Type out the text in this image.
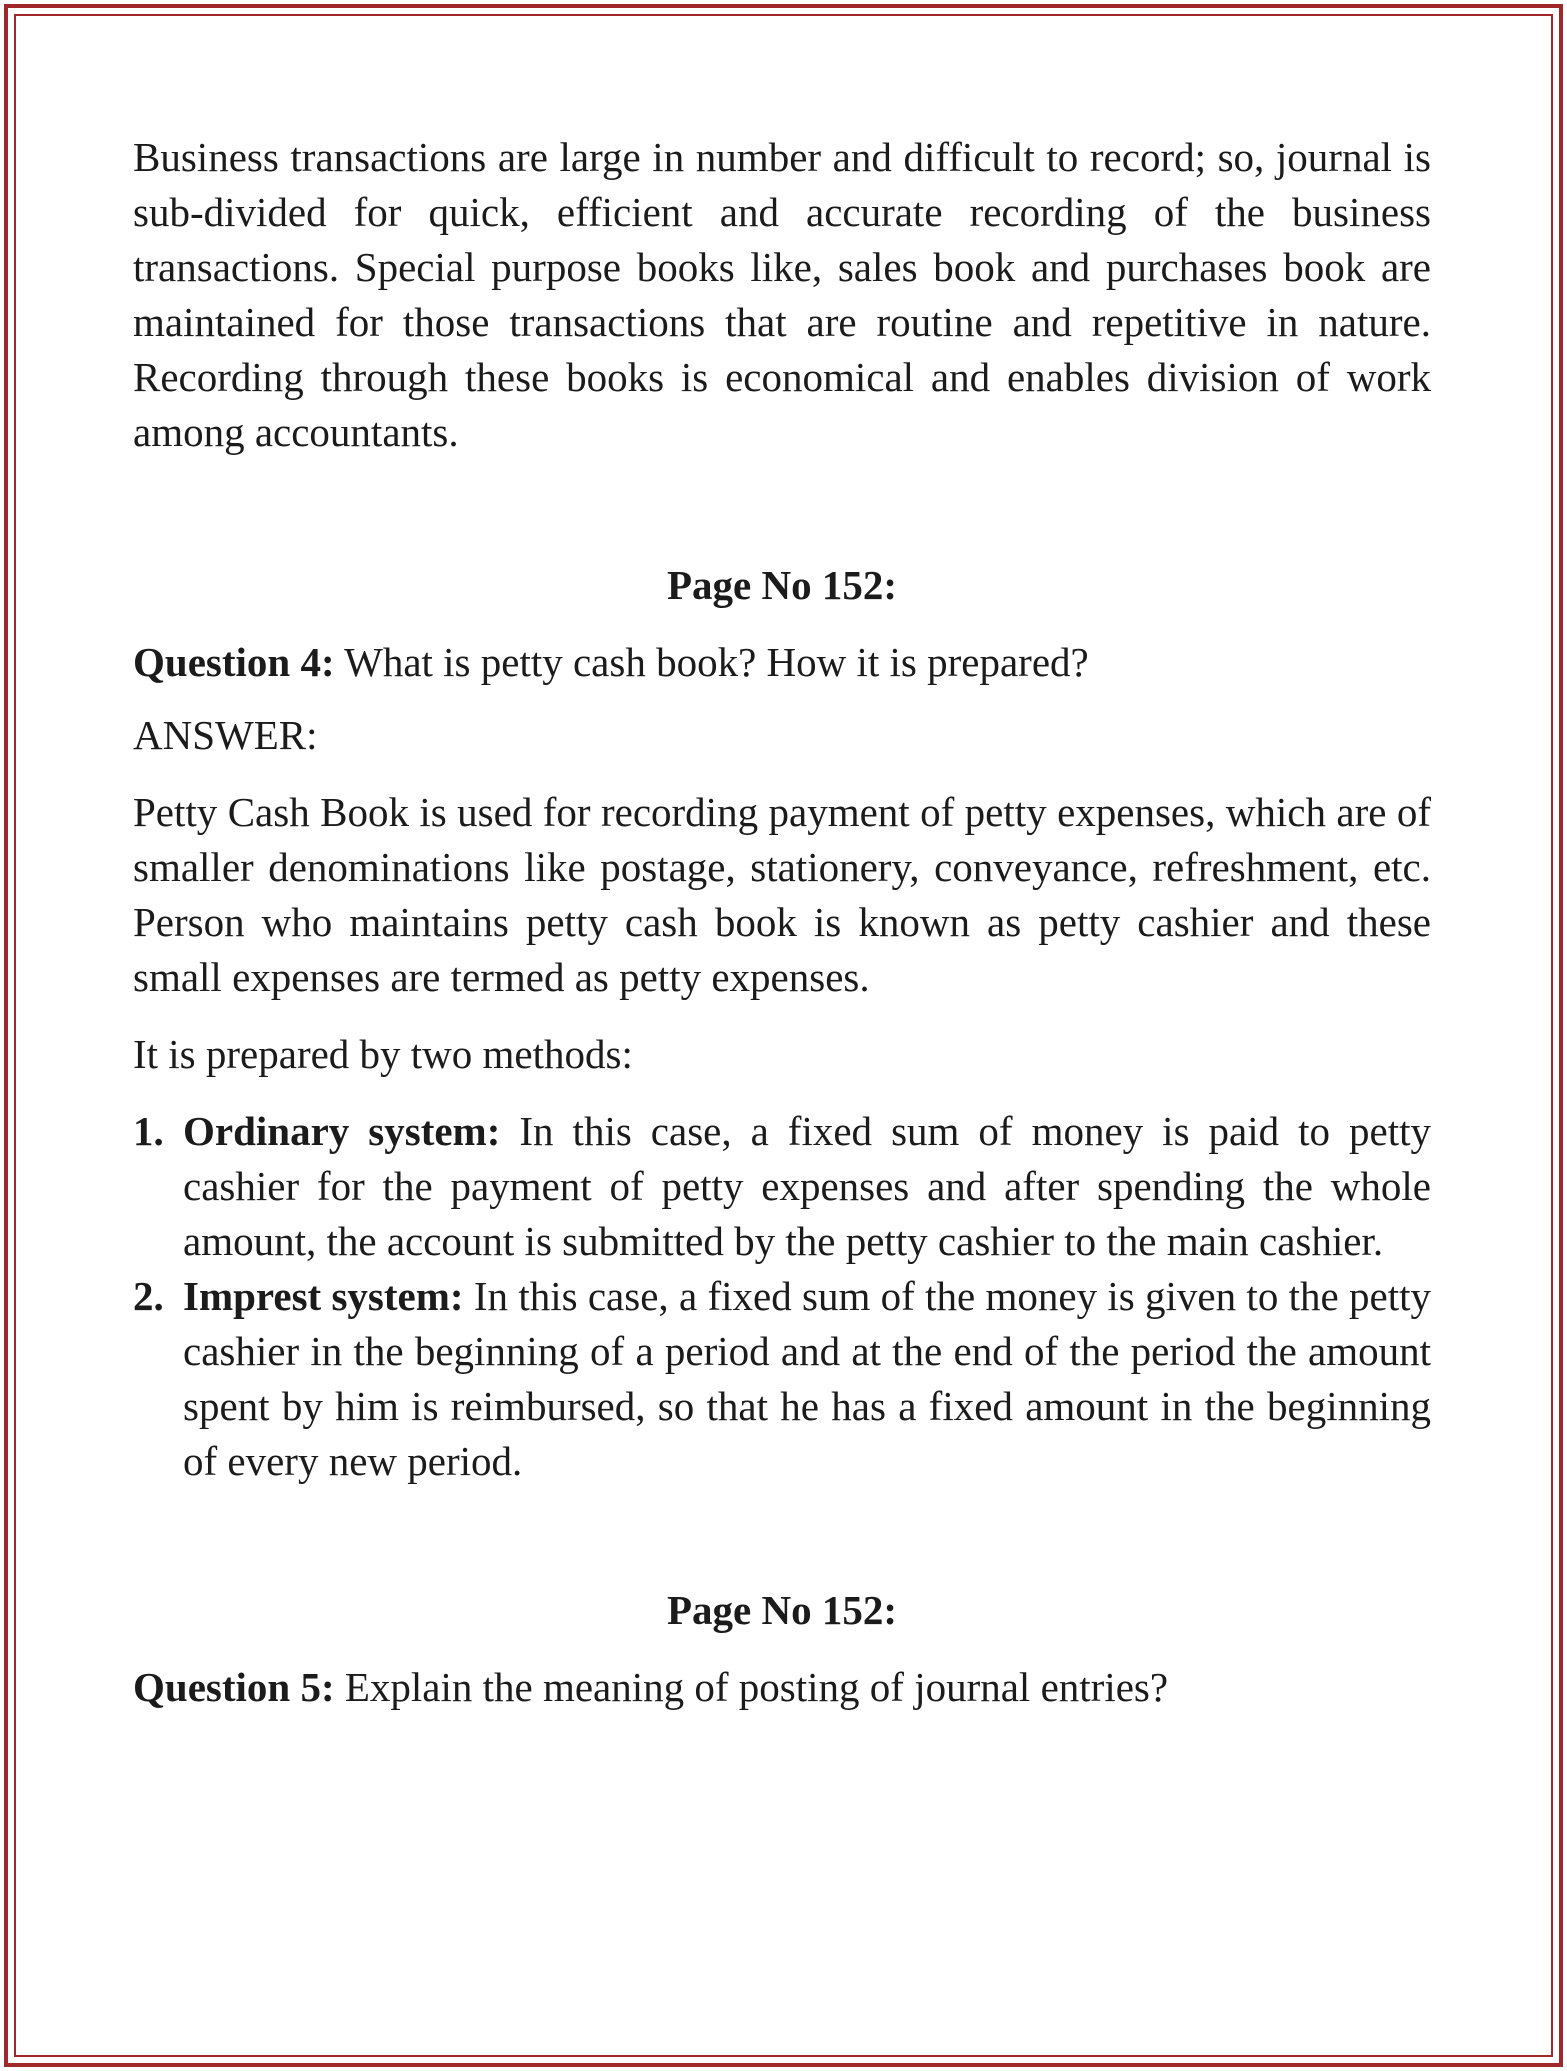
Business transactions are large in number and difficult to record; so, journal is sub-divided for quick, efficient and accurate recording of the business transactions. Special purpose books like, sales book and purchases book are maintained for those transactions that are routine and repetitive in nature. Recording through these books is economical and enables division of work among accountants.

Page No 152:

Question 4: What is petty cash book? How it is prepared?

ANSWER:

Petty Cash Book is used for recording payment of petty expenses, which are of smaller denominations like postage, stationery, conveyance, refreshment, etc. Person who maintains petty cash book is known as petty cashier and these small expenses are termed as petty expenses.

It is prepared by two methods:

1. Ordinary system: In this case, a fixed sum of money is paid to petty cashier for the payment of petty expenses and after spending the whole amount, the account is submitted by the petty cashier to the main cashier.
2. Imprest system: In this case, a fixed sum of the money is given to the petty cashier in the beginning of a period and at the end of the period the amount spent by him is reimbursed, so that he has a fixed amount in the beginning of every new period.

Page No 152:

Question 5: Explain the meaning of posting of journal entries?
